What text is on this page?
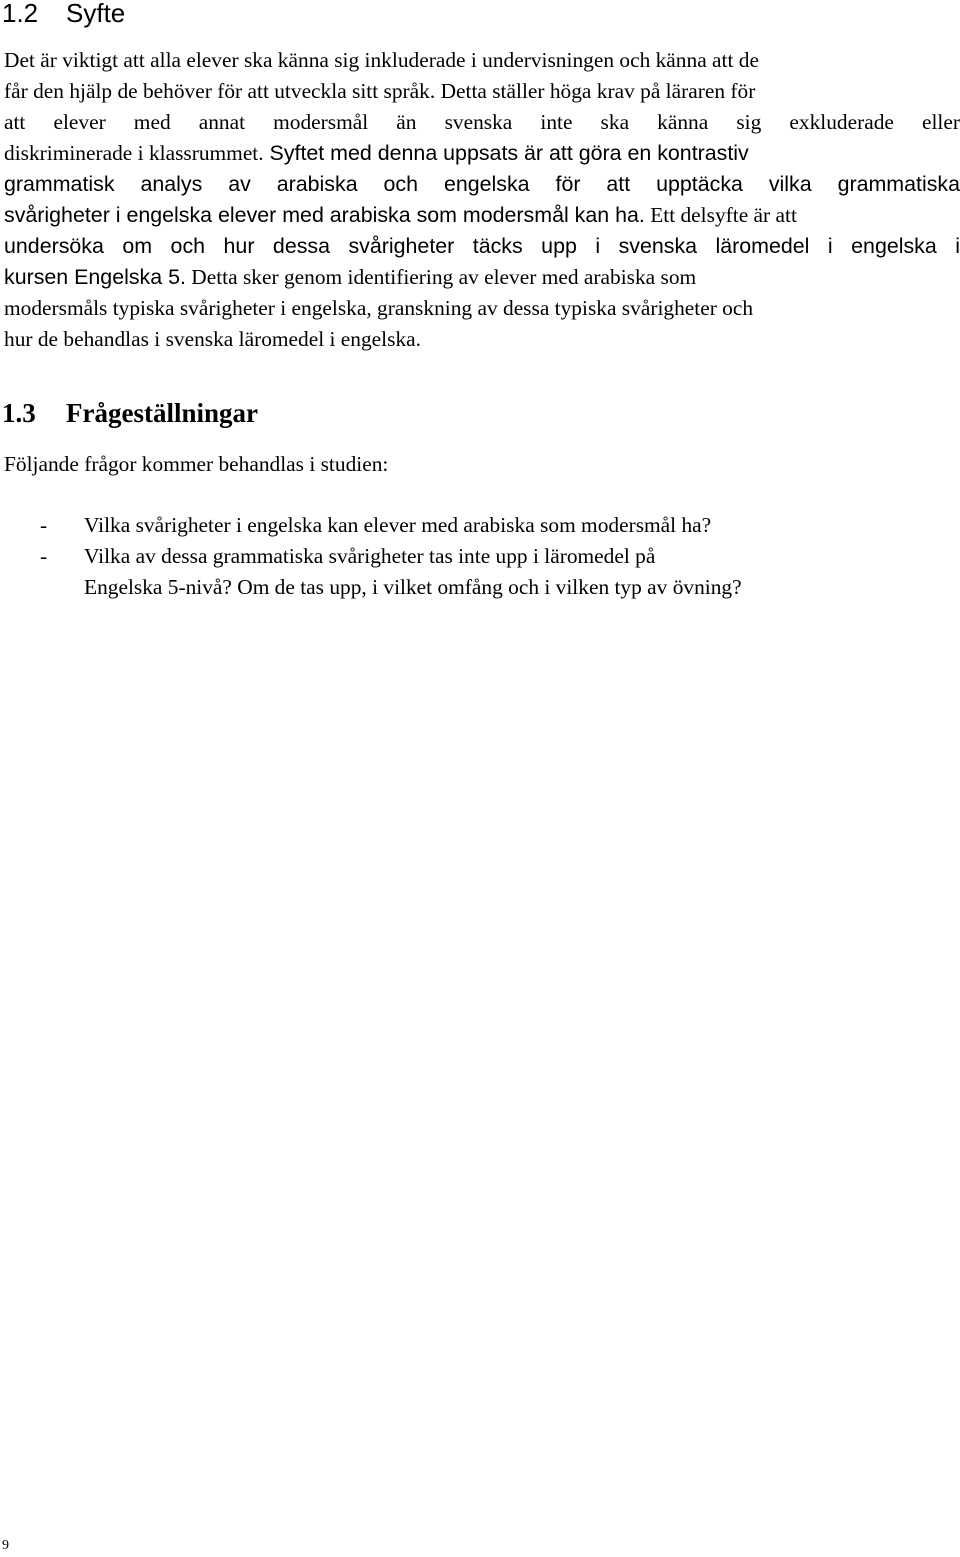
1.2 Syfte
Det är viktigt att alla elever ska känna sig inkluderade i undervisningen och känna att de
får den hjälp de behöver för att utveckla sitt språk. Detta ställer höga krav på läraren för
att elever med annat modersmål än svenska inte ska känna sig exkluderade eller
diskriminerade i klassrummet. Syftet med denna uppsats är att göra en kontrastiv
grammatisk analys av arabiska och engelska för att upptäcka vilka grammatiska
svårigheter i engelska elever med arabiska som modersmål kan ha. Ett delsyfte är att
undersöka om och hur dessa svårigheter täcks upp i svenska läromedel i engelska i
kursen Engelska 5. Detta sker genom identifiering av elever med arabiska som
modersmåls typiska svårigheter i engelska, granskning av dessa typiska svårigheter och
hur de behandlas i svenska läromedel i engelska.
1.3 Frågeställningar
Följande frågor kommer behandlas i studien:
- Vilka svårigheter i engelska kan elever med arabiska som modersmål ha?
- Vilka av dessa grammatiska svårigheter tas inte upp i läromedel på
Engelska 5-nivå? Om de tas upp, i vilket omfång och i vilken typ av övning?
9
